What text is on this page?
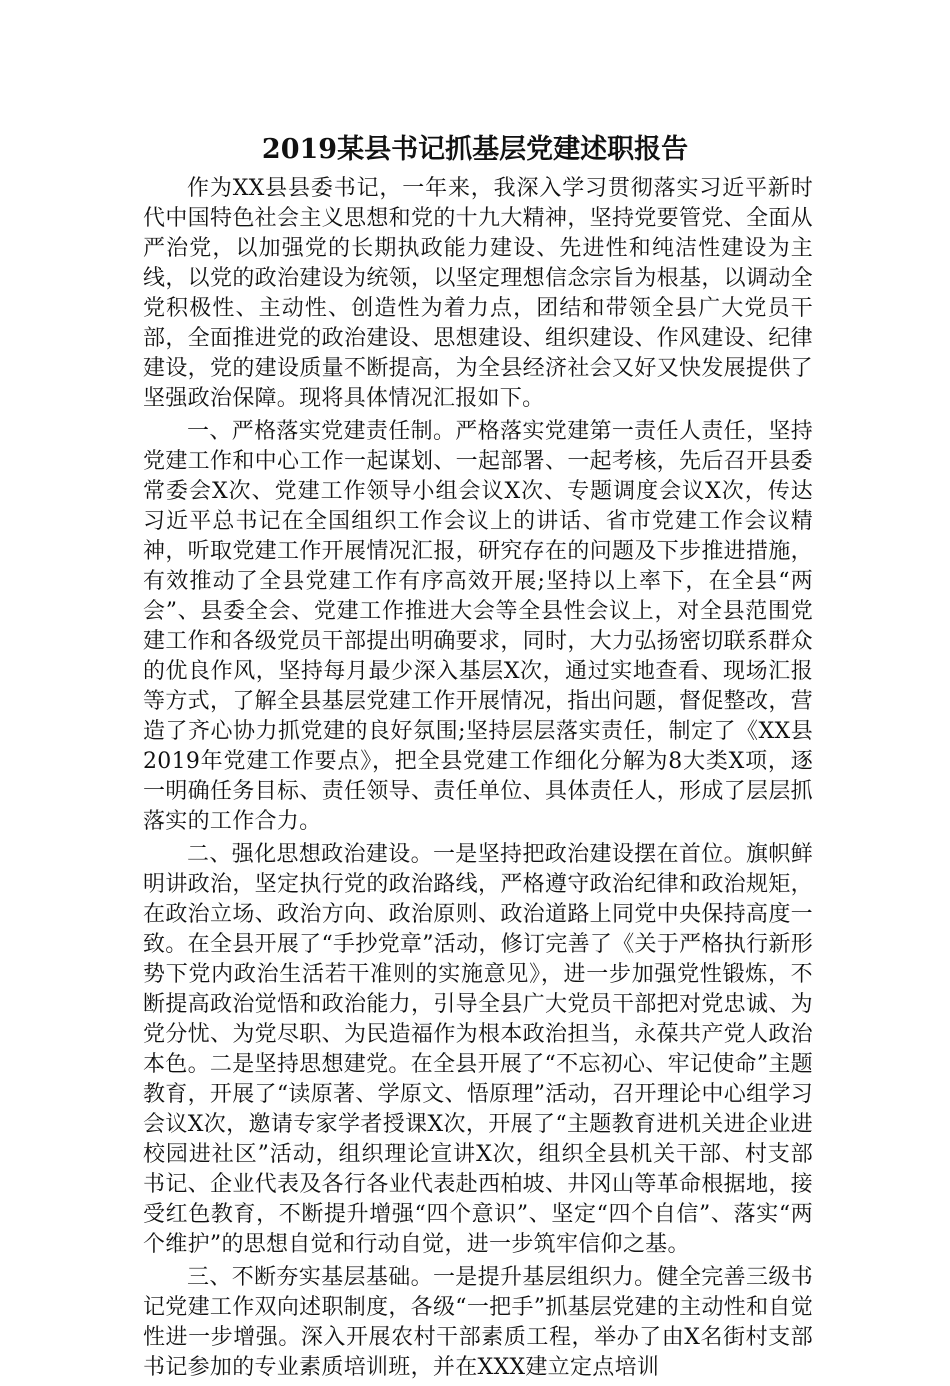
2019某县书记抓基层党建述职报告

作为XX县县委书记，一年来，我深入学习贯彻落实习近平新时代中国特色社会主义思想和党的十九大精神，坚持党要管党、全面从严治党，以加强党的长期执政能力建设、先进性和纯洁性建设为主线，以党的政治建设为统领，以坚定理想信念宗旨为根基，以调动全党积极性、主动性、创造性为着力点，团结和带领全县广大党员干部，全面推进党的政治建设、思想建设、组织建设、作风建设、纪律建设，党的建设质量不断提高，为全县经济社会又好又快发展提供了坚强政治保障。现将具体情况汇报如下。

一、严格落实党建责任制。严格落实党建第一责任人责任，坚持党建工作和中心工作一起谋划、一起部署、一起考核，先后召开县委常委会X次、党建工作领导小组会议X次、专题调度会议X次，传达习近平总书记在全国组织工作会议上的讲话、省市党建工作会议精神，听取党建工作开展情况汇报，研究存在的问题及下步推进措施，有效推动了全县党建工作有序高效开展;坚持以上率下，在全县“两会”、县委全会、党建工作推进大会等全县性会议上，对全县范围党建工作和各级党员干部提出明确要求，同时，大力弘扬密切联系群众的优良作风，坚持每月最少深入基层X次，通过实地查看、现场汇报等方式，了解全县基层党建工作开展情况，指出问题，督促整改，营造了齐心协力抓党建的良好氛围;坚持层层落实责任，制定了《XX县2019年党建工作要点》，把全县党建工作细化分解为8大类X项，逐一明确任务目标、责任领导、责任单位、具体责任人，形成了层层抓落实的工作合力。

二、强化思想政治建设。一是坚持把政治建设摆在首位。旗帜鲜明讲政治，坚定执行党的政治路线，严格遵守政治纪律和政治规矩，在政治立场、政治方向、政治原则、政治道路上同党中央保持高度一致。在全县开展了“手抄党章”活动，修订完善了《关于严格执行新形势下党内政治生活若干准则的实施意见》，进一步加强党性锻炼，不断提高政治觉悟和政治能力，引导全县广大党员干部把对党忠诚、为党分忧、为党尽职、为民造福作为根本政治担当，永葆共产党人政治本色。二是坚持思想建党。在全县开展了“不忘初心、牢记使命”主题教育，开展了“读原著、学原文、悟原理”活动，召开理论中心组学习会议X次，邀请专家学者授课X次，开展了“主题教育进机关进企业进校园进社区”活动，组织理论宣讲X次，组织全县机关干部、村支部书记、企业代表及各行各业代表赴西柏坡、井冈山等革命根据地，接受红色教育，不断提升增强“四个意识”、坚定“四个自信”、落实“两个维护”的思想自觉和行动自觉，进一步筑牢信仰之基。

三、不断夯实基层基础。一是提升基层组织力。健全完善三级书记党建工作双向述职制度，各级“一把手”抓基层党建的主动性和自觉性进一步增强。深入开展农村干部素质工程，举办了由X名街村支部书记参加的专业素质培训班，并在XXX建立定点培训
